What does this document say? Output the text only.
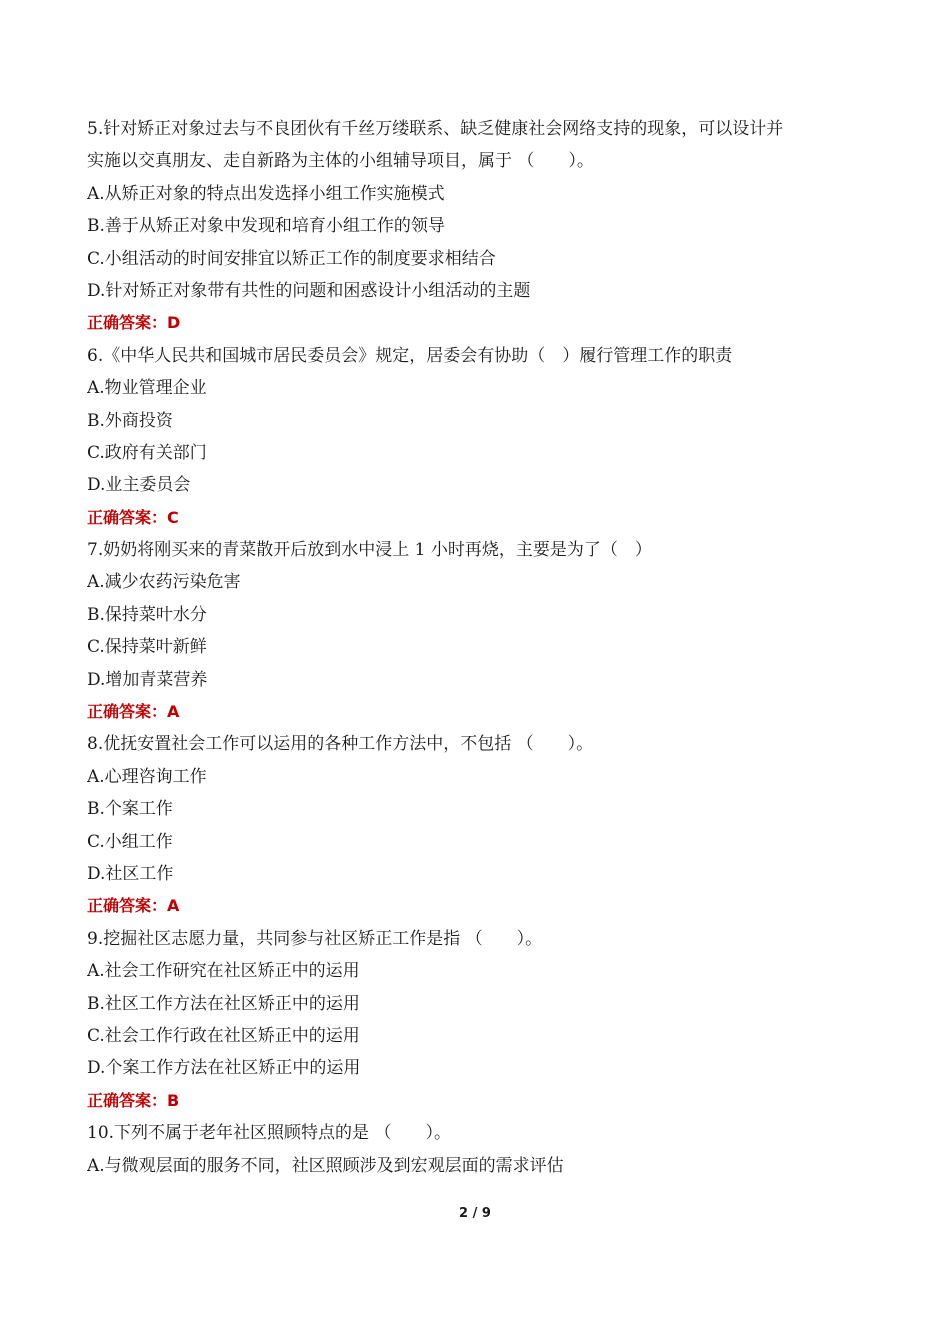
5.针对矫正对象过去与不良团伙有千丝万缕联系、缺乏健康社会网络支持的现象，可以设计并
实施以交真朋友、走自新路为主体的小组辅导项目，属于 （　　）。
A.从矫正对象的特点出发选择小组工作实施模式
B.善于从矫正对象中发现和培育小组工作的领导
C.小组活动的时间安排宜以矫正工作的制度要求相结合
D.针对矫正对象带有共性的问题和困惑设计小组活动的主题
正确答案：D
6.《中华人民共和国城市居民委员会》规定，居委会有协助（　）履行管理工作的职责
A.物业管理企业
B.外商投资
C.政府有关部门
D.业主委员会
正确答案：C
7.奶奶将刚买来的青菜散开后放到水中浸上 1 小时再烧，主要是为了（　）
A.减少农药污染危害
B.保持菜叶水分
C.保持菜叶新鲜
D.增加青菜营养
正确答案：A
8.优抚安置社会工作可以运用的各种工作方法中，不包括 （　　）。
A.心理咨询工作
B.个案工作
C.小组工作
D.社区工作
正确答案：A
9.挖掘社区志愿力量，共同参与社区矫正工作是指 （　　）。
A.社会工作研究在社区矫正中的运用
B.社区工作方法在社区矫正中的运用
C.社会工作行政在社区矫正中的运用
D.个案工作方法在社区矫正中的运用
正确答案：B
10.下列不属于老年社区照顾特点的是 （　　）。
A.与微观层面的服务不同，社区照顾涉及到宏观层面的需求评估
2 / 9
